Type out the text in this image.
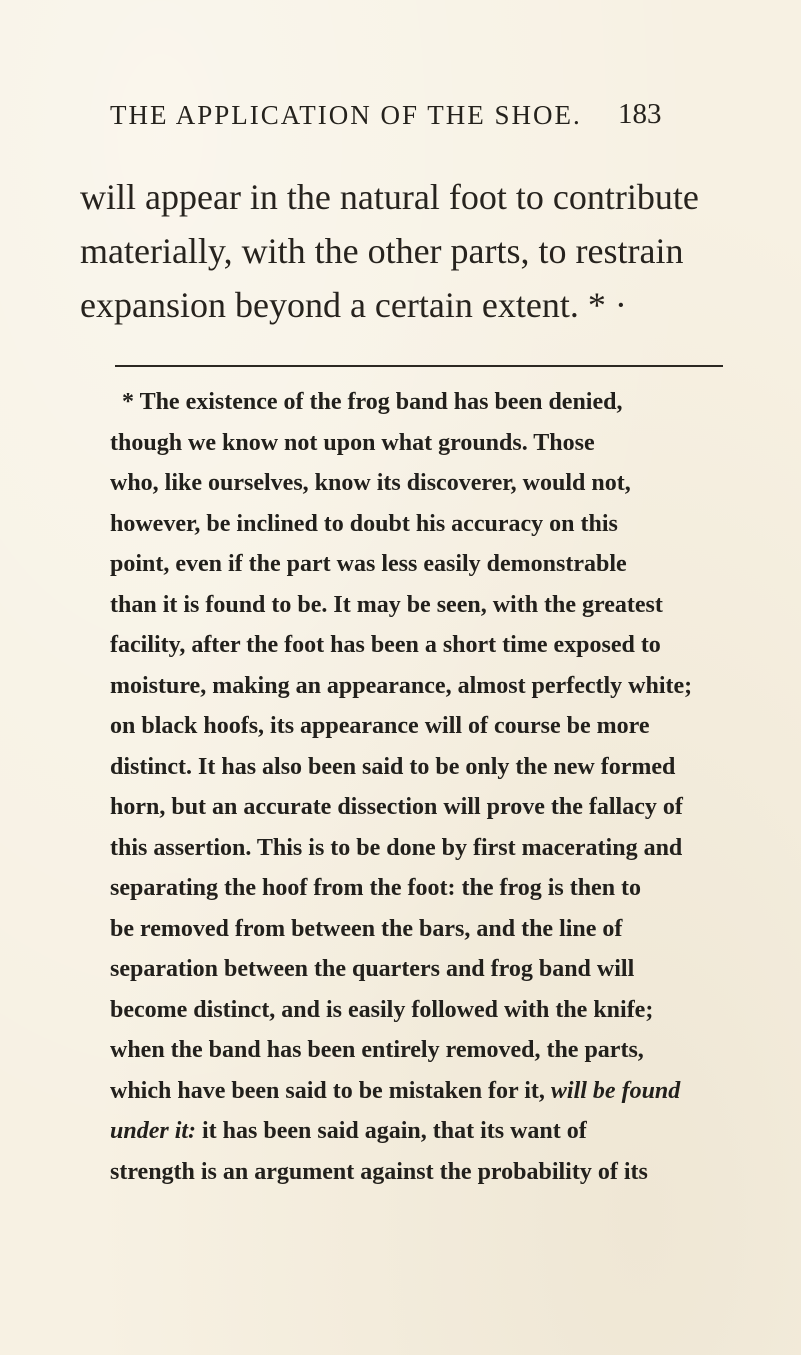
THE APPLICATION OF THE SHOE. 183
will appear in the natural foot to contribute
materially, with the other parts, to restrain
expansion beyond a certain extent. * ·
* The existence of the frog band has been denied,
though we know not upon what grounds. Those
who, like ourselves, know its discoverer, would not,
however, be inclined to doubt his accuracy on this
point, even if the part was less easily demonstrable
than it is found to be. It may be seen, with the greatest
facility, after the foot has been a short time exposed to
moisture, making an appearance, almost perfectly white;
on black hoofs, its appearance will of course be more
distinct. It has also been said to be only the new formed
horn, but an accurate dissection will prove the fallacy of
this assertion. This is to be done by first macerating and
separating the hoof from the foot: the frog is then to
be removed from between the bars, and the line of
separation between the quarters and frog band will
become distinct, and is easily followed with the knife;
when the band has been entirely removed, the parts,
which have been said to be mistaken for it, will be found
under it: it has been said again, that its want of
strength is an argument against the probability of its
